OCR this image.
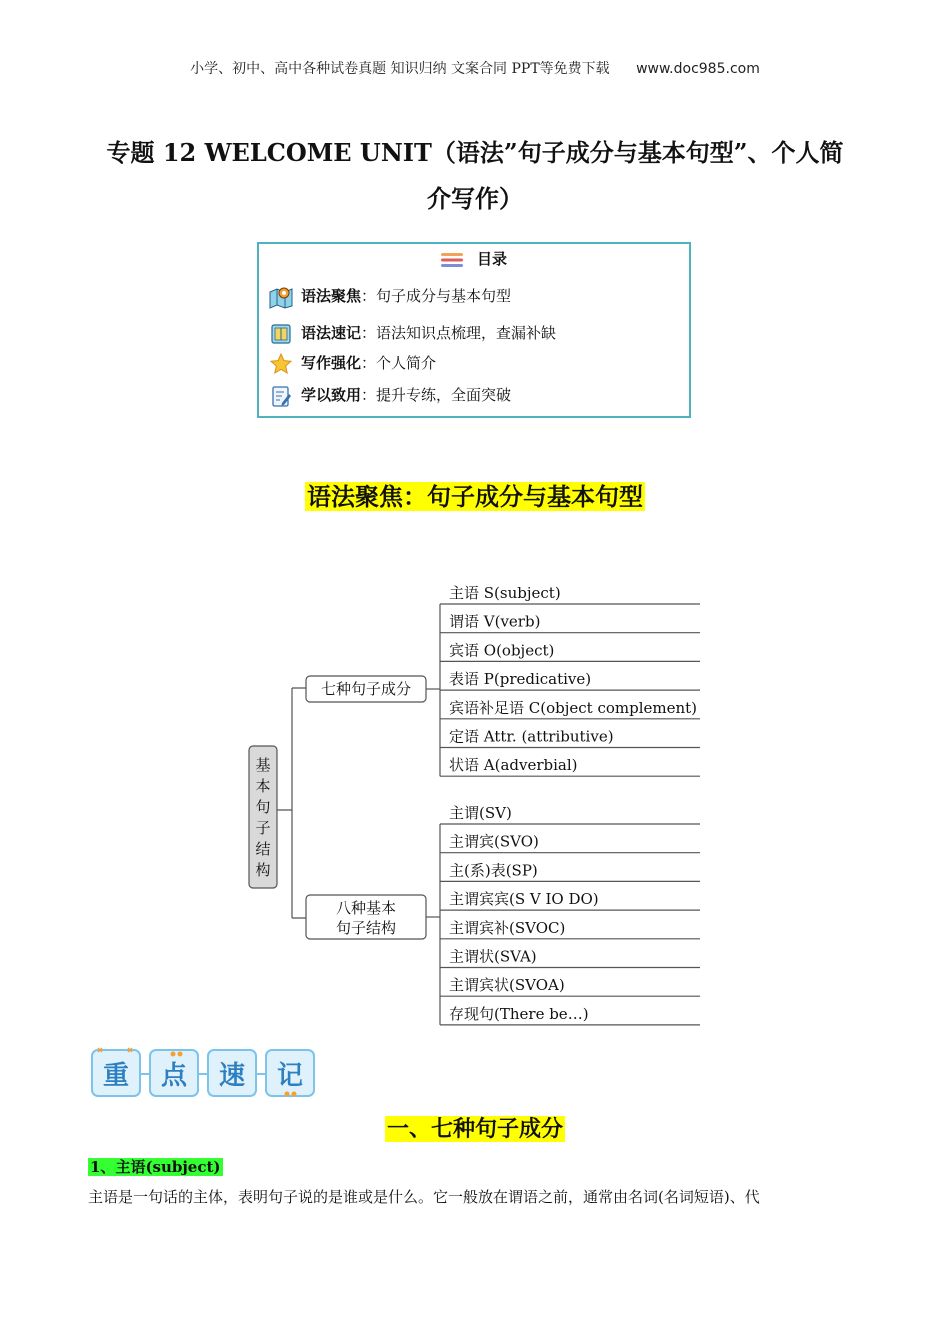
小学、初中、高中各种试卷真题 知识归纳 文案合同 PPT等免费下载 www.doc985.com
专题 12 WELCOME UNIT（语法”句子成分与基本句型”、个人简
介写作）
目录
语法聚焦：句子成分与基本句型
语法速记：语法知识点梳理，查漏补缺
写作强化：个人简介
学以致用：提升专练，全面突破
语法聚焦：句子成分与基本句型
基本句子结构
七种句子成分
八种基本
句子结构
主语 S(subject)
谓语 V(verb)
宾语 O(object)
表语 P(predicative)
宾语补足语 C(object complement)
定语 Attr. (attributive)
状语 A(adverbial)
主谓(SV)
主谓宾(SVO)
主(系)表(SP)
主谓宾宾(S V IO DO)
主谓宾补(SVOC)
主谓状(SVA)
主谓宾状(SVOA)
存现句(There be…)
重 点 速 记
一、七种句子成分
1、主语(subject)
主语是一句话的主体，表明句子说的是谁或是什么。它一般放在谓语之前，通常由名词(名词短语)、代
